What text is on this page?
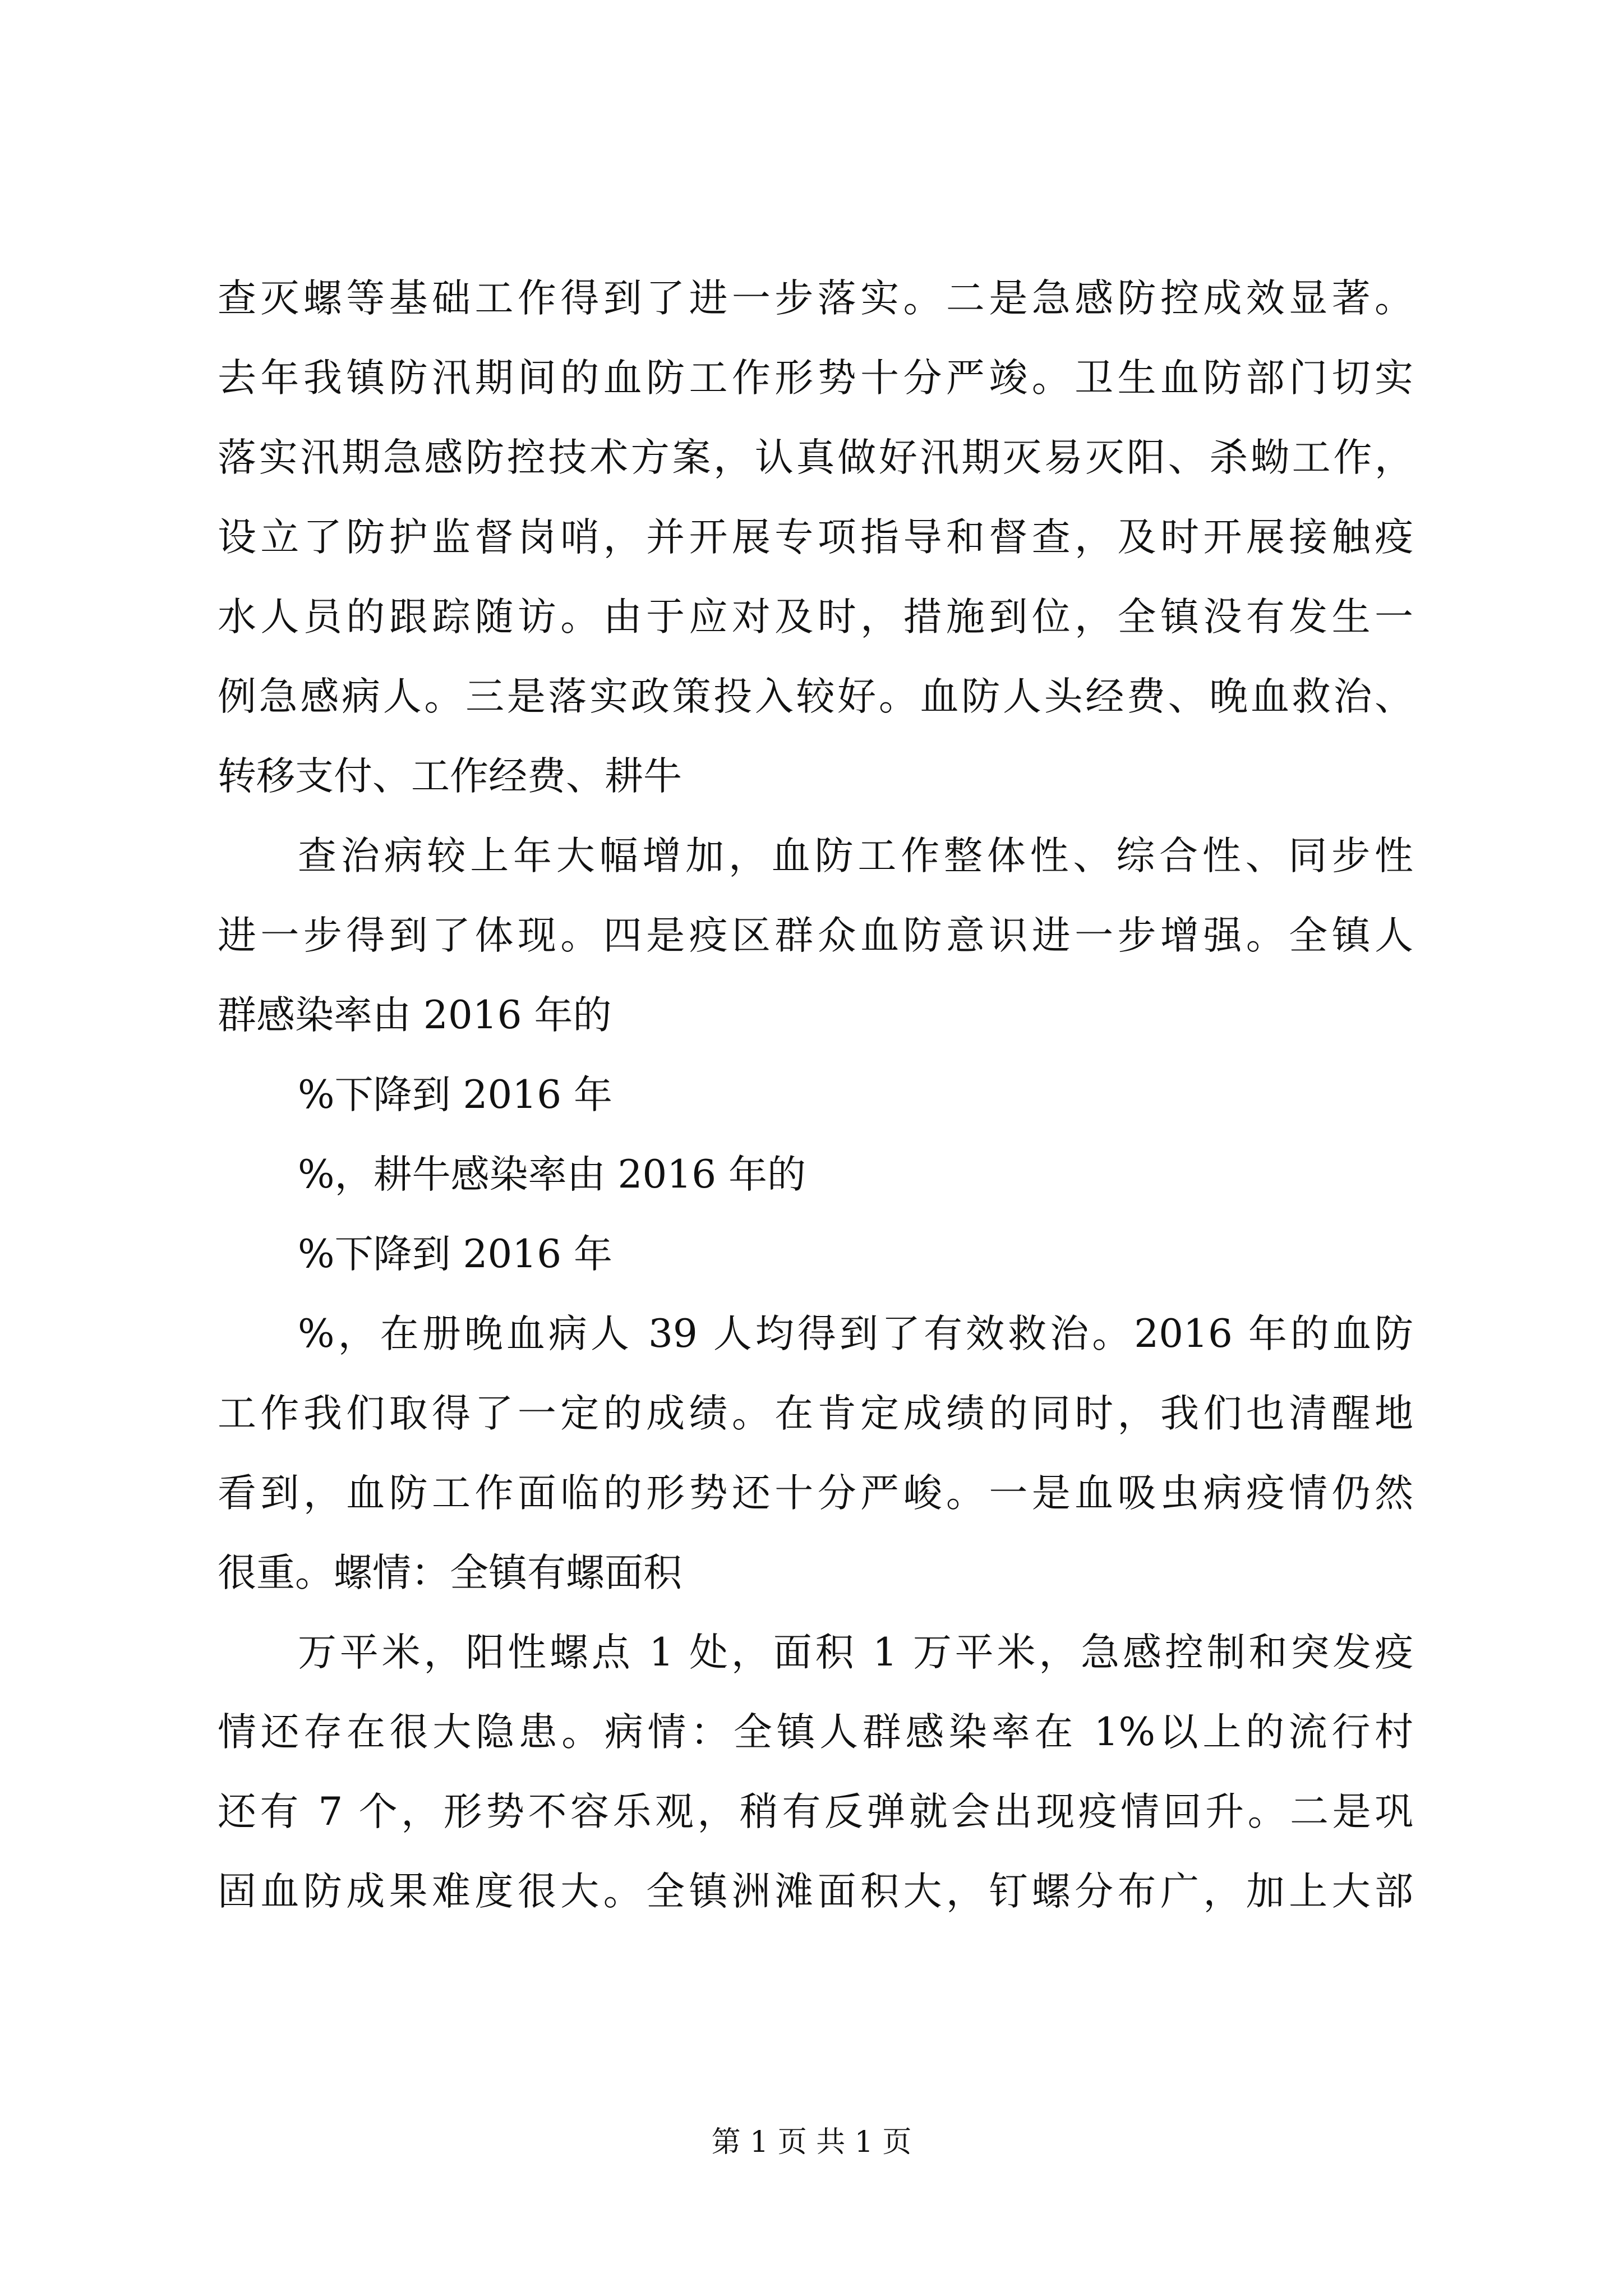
查灭螺等基础工作得到了进一步落实。二是急感防控成效显著。
去年我镇防汛期间的血防工作形势十分严竣。卫生血防部门切实
落实汛期急感防控技术方案，认真做好汛期灭易灭阳、杀蚴工作，
设立了防护监督岗哨，并开展专项指导和督查，及时开展接触疫
水人员的跟踪随访。由于应对及时，措施到位，全镇没有发生一
例急感病人。三是落实政策投入较好。血防人头经费、晚血救治、
转移支付、工作经费、耕牛
查治病较上年大幅增加，血防工作整体性、综合性、同步性
进一步得到了体现。四是疫区群众血防意识进一步增强。全镇人
群感染率由 2016 年的
%下降到 2016 年
%，耕牛感染率由 2016 年的
%下降到 2016 年
%，在册晚血病人 39 人均得到了有效救治。2016 年的血防
工作我们取得了一定的成绩。在肯定成绩的同时，我们也清醒地
看到，血防工作面临的形势还十分严峻。一是血吸虫病疫情仍然
很重。螺情：全镇有螺面积
万平米，阳性螺点 1 处，面积 1 万平米，急感控制和突发疫
情还存在很大隐患。病情：全镇人群感染率在 1%以上的流行村
还有 7 个，形势不容乐观，稍有反弹就会出现疫情回升。二是巩
固血防成果难度很大。全镇洲滩面积大，钉螺分布广，加上大部
第 1 页 共 1 页
